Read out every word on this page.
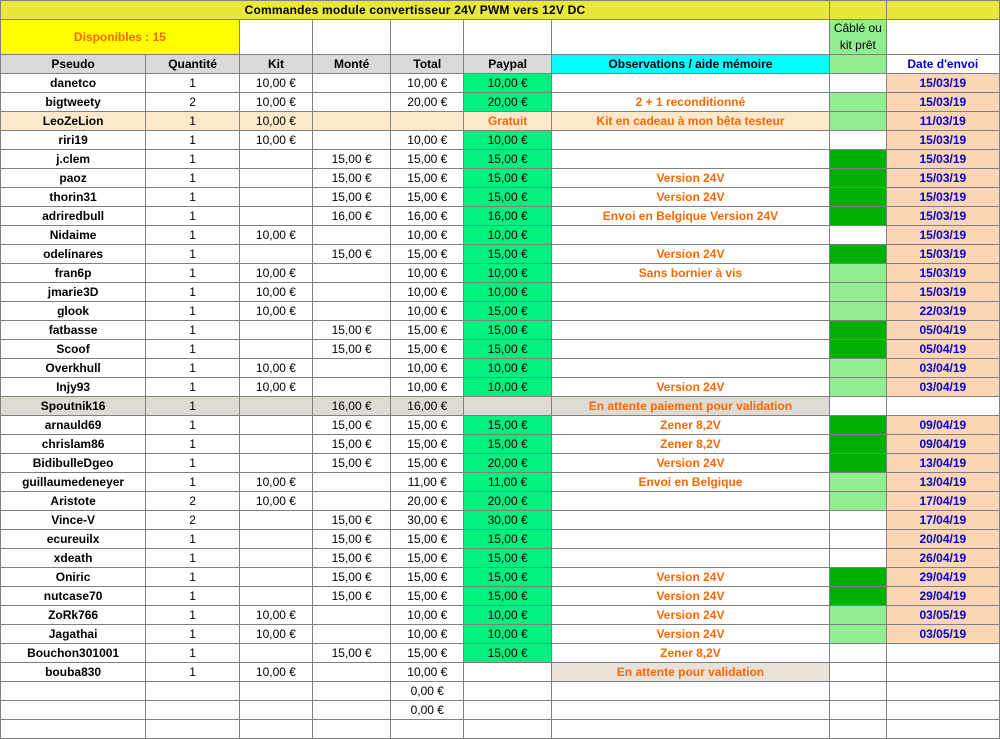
Commandes module convertisseur 24V PWM vers 12V DC								
Disponibles : 15							Câblé ou
kit prêt	
Pseudo	Quantité	Kit	Monté	Total	Paypal	Observations / aide mémoire		Date d'envoi
danetco	1	10,00 €		10,00 €	10,00 €			15/03/19
bigtweety	2	10,00 €		20,00 €	20,00 €	2 + 1 reconditionné		15/03/19
LeoZeLion	1	10,00 €			Gratuit	Kit en cadeau à mon bêta testeur		11/03/19
riri19	1	10,00 €		10,00 €	10,00 €			15/03/19
j.clem	1		15,00 €	15,00 €	15,00 €			15/03/19
paoz	1		15,00 €	15,00 €	15,00 €	Version 24V		15/03/19
thorin31	1		15,00 €	15,00 €	15,00 €	Version 24V		15/03/19
adriredbull	1		16,00 €	16,00 €	16,00 €	Envoi en Belgique Version 24V		15/03/19
Nidaime	1	10,00 €		10,00 €	10,00 €			15/03/19
odelinares	1		15,00 €	15,00 €	15,00 €	Version 24V		15/03/19
fran6p	1	10,00 €		10,00 €	10,00 €	Sans bornier à vis		15/03/19
jmarie3D	1	10,00 €		10,00 €	10,00 €			15/03/19
glook	1	10,00 €		10,00 €	15,00 €			22/03/19
fatbasse	1		15,00 €	15,00 €	15,00 €			05/04/19
Scoof	1		15,00 €	15,00 €	15,00 €			05/04/19
Overkhull	1	10,00 €		10,00 €	10,00 €			03/04/19
Injy93	1	10,00 €		10,00 €	10,00 €	Version 24V		03/04/19
Spoutnik16	1		16,00 €	16,00 €		En attente paiement pour validation		
arnauld69	1		15,00 €	15,00 €	15,00 €	Zener 8,2V		09/04/19
chrislam86	1		15,00 €	15,00 €	15,00 €	Zener 8,2V		09/04/19
BidibulleDgeo	1		15,00 €	15,00 €	20,00 €	Version 24V		13/04/19
guillaumedeneyer	1	10,00 €		11,00 €	11,00 €	Envoi en Belgique		13/04/19
Aristote	2	10,00 €		20,00 €	20,00 €			17/04/19
Vince-V	2		15,00 €	30,00 €	30,00 €			17/04/19
ecureuilx	1		15,00 €	15,00 €	15,00 €			20/04/19
xdeath	1		15,00 €	15,00 €	15,00 €			26/04/19
Oniric	1		15,00 €	15,00 €	15,00 €	Version 24V		29/04/19
nutcase70	1		15,00 €	15,00 €	15,00 €	Version 24V		29/04/19
ZoRk766	1	10,00 €		10,00 €	10,00 €	Version 24V		03/05/19
Jagathai	1	10,00 €		10,00 €	10,00 €	Version 24V		03/05/19
Bouchon301001	1		15,00 €	15,00 €	15,00 €	Zener 8,2V		
bouba830	1	10,00 €		10,00 €		En attente pour validation		
				0,00 €				
				0,00 €				
